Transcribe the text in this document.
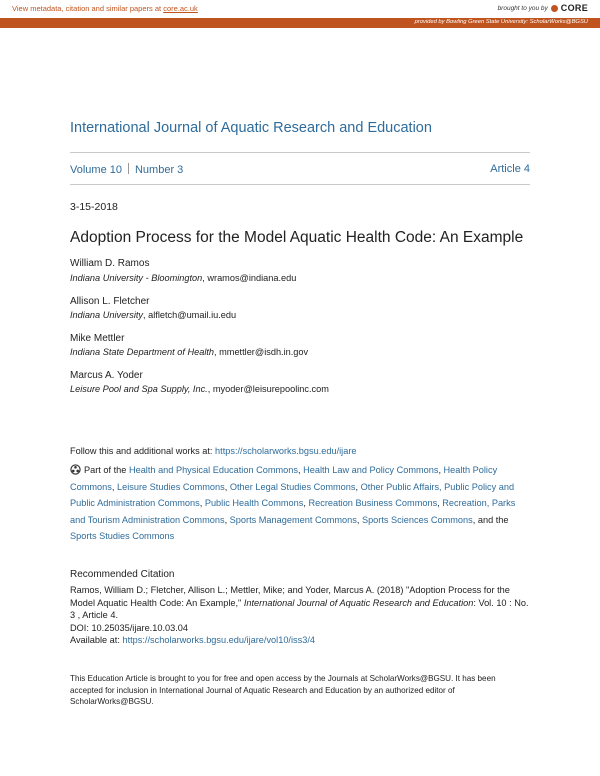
View metadata, citation and similar papers at core.ac.uk	brought to you by CORE
provided by Bowling Green State University: ScholarWorks@BGSU
International Journal of Aquatic Research and Education
Volume 10 Number 3	Article 4
3-15-2018
Adoption Process for the Model Aquatic Health Code: An Example
William D. Ramos
Indiana University - Bloomington, wramos@indiana.edu
Allison L. Fletcher
Indiana University, alfletch@umail.iu.edu
Mike Mettler
Indiana State Department of Health, mmettler@isdh.in.gov
Marcus A. Yoder
Leisure Pool and Spa Supply, Inc., myoder@leisurepoolinc.com
Follow this and additional works at: https://scholarworks.bgsu.edu/ijare
Part of the Health and Physical Education Commons, Health Law and Policy Commons, Health Policy Commons, Leisure Studies Commons, Other Legal Studies Commons, Other Public Affairs, Public Policy and Public Administration Commons, Public Health Commons, Recreation Business Commons, Recreation, Parks and Tourism Administration Commons, Sports Management Commons, Sports Sciences Commons, and the Sports Studies Commons
Recommended Citation
Ramos, William D.; Fletcher, Allison L.; Mettler, Mike; and Yoder, Marcus A. (2018) "Adoption Process for the Model Aquatic Health Code: An Example," International Journal of Aquatic Research and Education: Vol. 10 : No. 3 , Article 4.
DOI: 10.25035/ijare.10.03.04
Available at: https://scholarworks.bgsu.edu/ijare/vol10/iss3/4
This Education Article is brought to you for free and open access by the Journals at ScholarWorks@BGSU. It has been accepted for inclusion in International Journal of Aquatic Research and Education by an authorized editor of ScholarWorks@BGSU.
